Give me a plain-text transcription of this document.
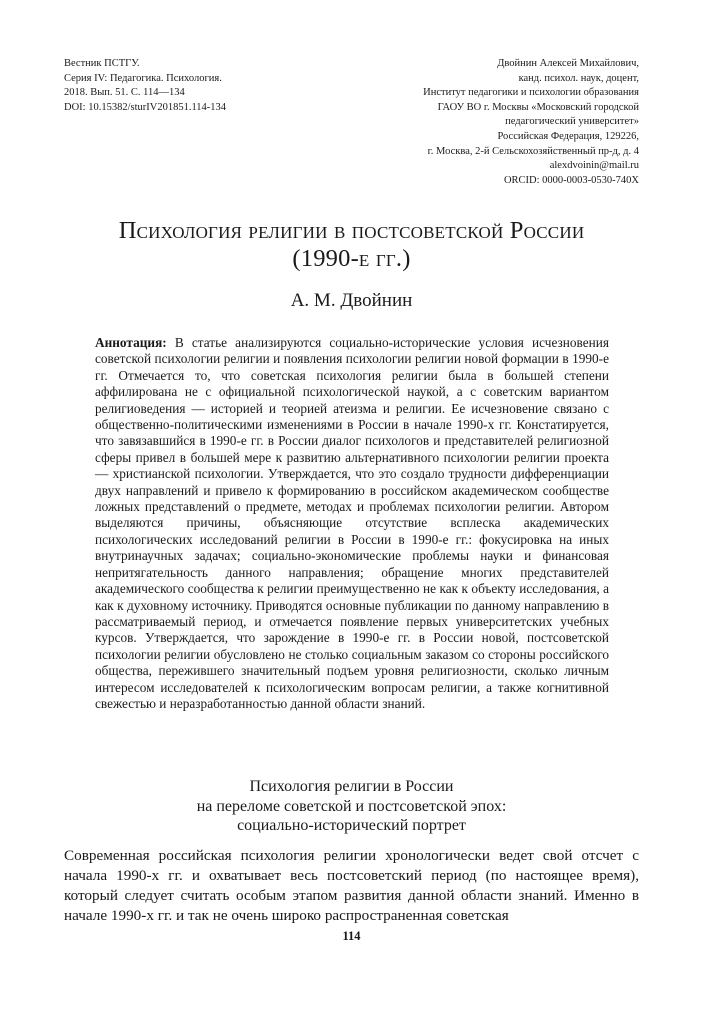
Вестник ПСТГУ.
Серия IV: Педагогика. Психология.
2018. Вып. 51. С. 114—134
DOI: 10.15382/sturIV201851.114-134
Двойнин Алексей Михайлович,
канд. психол. наук, доцент,
Институт педагогики и психологии образования
ГАОУ ВО г. Москвы «Московский городской
педагогический университет»
Российская Федерация, 129226,
г. Москва, 2-й Сельскохозяйственный пр-д, д. 4
alexdvoinin@mail.ru
ORCID: 0000-0003-0530-740X
Психология религии в постсоветской России
(1990-е гг.)
А. М. Двойнин
Аннотация: В статье анализируются социально-исторические условия исчезновения советской психологии религии и появления психологии религии новой формации в 1990-е гг. Отмечается то, что советская психология религии была в большей степени аффилирована не с официальной психологической наукой, а с советским вариантом религиоведения — историей и теорией атеизма и религии. Ее исчезновение связано с общественно-политическими изменениями в России в начале 1990-х гг. Констатируется, что завязавшийся в 1990-е гг. в России диалог психологов и представителей религиозной сферы привел в большей мере к развитию альтернативного психологии религии проекта — христианской психологии. Утверждается, что это создало трудности дифференциации двух направлений и привело к формированию в российском академическом сообществе ложных представлений о предмете, методах и проблемах психологии религии. Автором выделяются причины, объясняющие отсутствие всплеска академических психологических исследований религии в России в 1990-е гг.: фокусировка на иных внутринаучных задачах; социально-экономические проблемы науки и финансовая непритягательность данного направления; обращение многих представителей академического сообщества к религии преимущественно не как к объекту исследования, а как к духовному источнику. Приводятся основные публикации по данному направлению в рассматриваемый период, и отмечается появление первых университетских учебных курсов. Утверждается, что зарождение в 1990-е гг. в России новой, постсоветской психологии религии обусловлено не столько социальным заказом со стороны российского общества, пережившего значительный подъем уровня религиозности, сколько личным интересом исследователей к психологическим вопросам религии, а также когнитивной свежестью и неразработанностью данной области знаний.
Психология религии в России
на переломе советской и постсоветской эпох:
социально-исторический портрет
Современная российская психология религии хронологически ведет свой отсчет с начала 1990-х гг. и охватывает весь постсоветский период (по настоящее время), который следует считать особым этапом развития данной области знаний. Именно в начале 1990-х гг. и так не очень широко распространенная советская
114
